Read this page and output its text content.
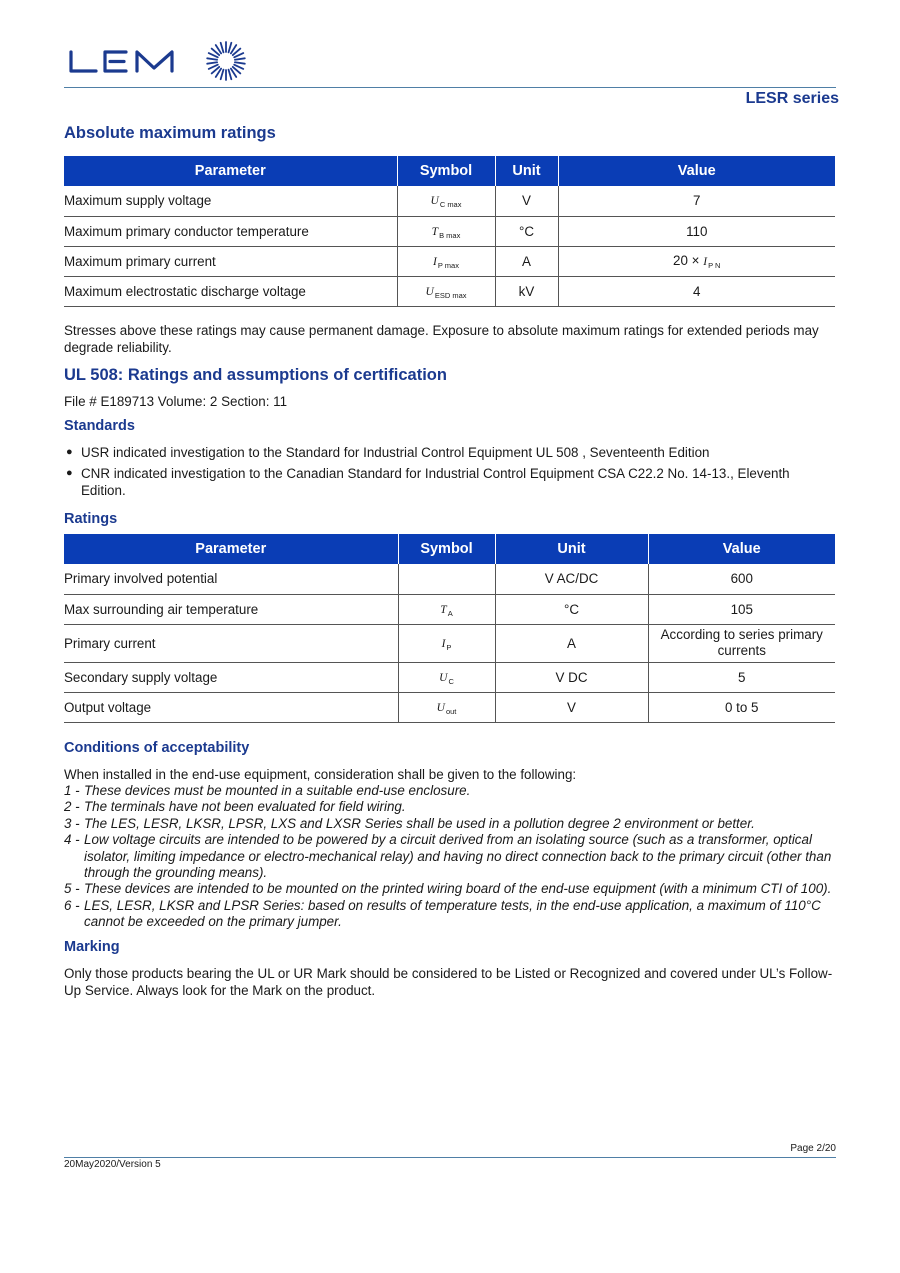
LESR series
Absolute maximum ratings
Parameter	Symbol	Unit	Value
Maximum supply voltage	$U_{C max}$	V	7
Maximum primary conductor temperature	$T_{B max}$	°C	110
Maximum primary current	$I_{P max}$	A	$20 \times I_{P N}$
Maximum electrostatic discharge voltage	$U_{ESD max}$	kV	4

Stresses above these ratings may cause permanent damage. Exposure to absolute maximum ratings for extended periods may degrade reliability.

UL 508: Ratings and assumptions of certification

File # E189713 Volume: 2 Section: 11

Standards
● USR indicated investigation to the Standard for Industrial Control Equipment UL 508 , Seventeenth Edition
● CNR indicated investigation to the Canadian Standard for Industrial Control Equipment CSA C22.2 No. 14-13., Eleventh Edition.
Ratings
Parameter	Symbol	Unit	Value
Primary involved potential		V AC/DC	600
Max surrounding air temperature	$T_A$	°C	105
Primary current	$I_P$	A	According to series primary currents
Secondary supply voltage	$U_C$	V DC	5
Output voltage	$U_{out}$	V	0 to 5
Conditions of acceptability

When installed in the end-use equipment, consideration shall be given to the following:

1 - These devices must be mounted in a suitable end-use enclosure.
2 - The terminals have not been evaluated for field wiring.
3 - The LES, LESR, LKSR, LPSR, LXS and LXSR Series shall be used in a pollution degree 2 environment or better.
4 - Low voltage circuits are intended to be powered by a circuit derived from an isolating source (such as a transformer, optical isolator, limiting impedance or electro-mechanical relay) and having no direct connection back to the primary circuit (other than through the grounding means).
5 - These devices are intended to be mounted on the printed wiring board of the end-use equipment (with a minimum CTI of 100).
6 - LES, LESR, LKSR and LPSR Series: based on results of temperature tests, in the end-use application, a maximum of 110°C cannot be exceeded on the primary jumper.
Marking

Only those products bearing the UL or UR Mark should be considered to be Listed or Recognized and covered under UL’s Follow-Up Service. Always look for the Mark on the product.

Page 2/20
20May2020/Version 5
